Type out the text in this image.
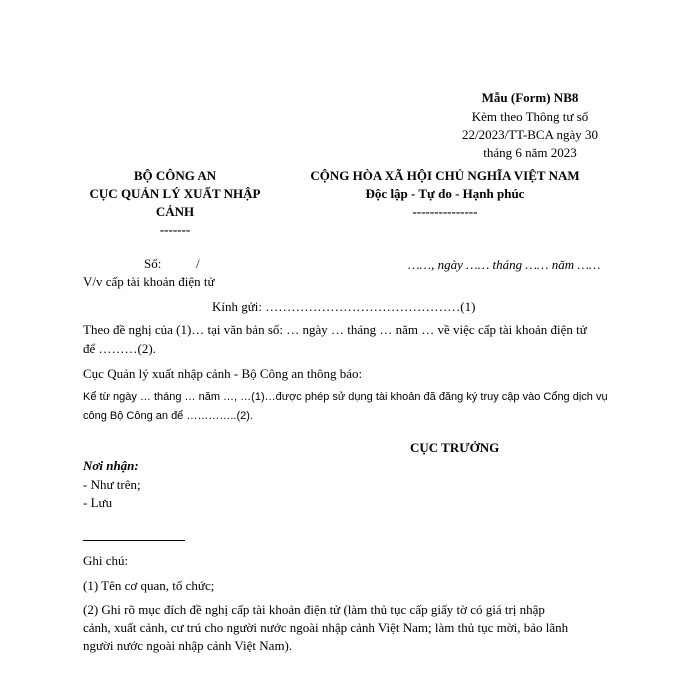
Mẫu (Form) NB8
Kèm theo Thông tư số
22/2023/TT-BCA ngày 30
tháng 6 năm 2023
BỘ CÔNG AN
CỤC QUẢN LÝ XUẤT NHẬP
CẢNH
-------
CỘNG HÒA XÃ HỘI CHỦ NGHĨA VIỆT NAM
Độc lập - Tự do - Hạnh phúc
---------------
Số:	/
V/v cấp tài khoản điện tử
……, ngày …… tháng …… năm ……
Kính gửi: ………………………………………(1)
Theo đề nghị của (1)… tại văn bản số: … ngày … tháng … năm … về việc cấp tài khoản điện tử
để ………(2).
Cục Quản lý xuất nhập cảnh - Bộ Công an thông báo:
Kể từ ngày … tháng … năm …, …(1)…được phép sử dụng tài khoản đã đăng ký truy cập vào Cổng dịch vụ
công Bộ Công an để …………..(2).
CỤC TRƯỞNG
Nơi nhận:
- Như trên;
- Lưu
Ghi chú:
(1) Tên cơ quan, tổ chức;
(2) Ghi rõ mục đích đề nghị cấp tài khoản điện tử (làm thủ tục cấp giấy tờ có giá trị nhập
cảnh, xuất cảnh, cư trú cho người nước ngoài nhập cảnh Việt Nam; làm thủ tục mời, bảo lãnh
người nước ngoài nhập cảnh Việt Nam).
